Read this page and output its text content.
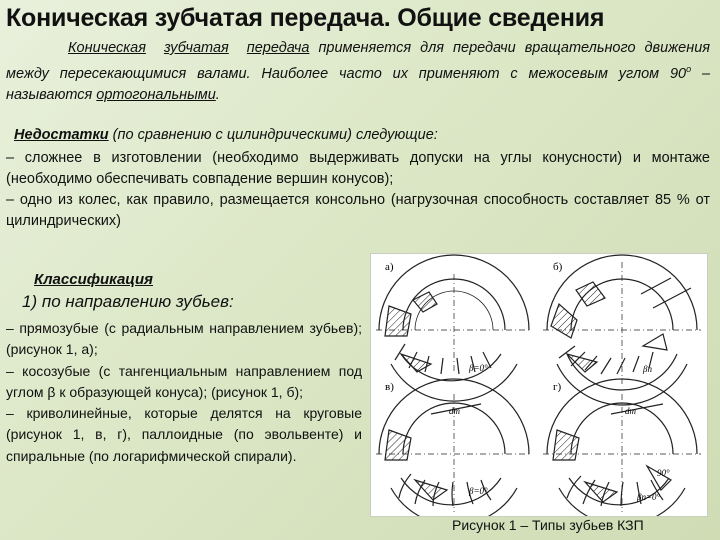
Коническая зубчатая передача. Общие сведения
Коническая зубчатая передача применяется для передачи вращательного движения между пересекающимися валами. Наиболее часто их применяют с межосевым углом $90^о$ – называются ортогональными.
Недостатки (по сравнению с цилиндрическими) следующие:

– сложнее в изготовлении (необходимо выдерживать допуски на углы конусности) и монтаже (необходимо обеспечивать совпадение вершин конусов);

– одно из колес, как правило, размещается консольно (нагрузочная способность составляет 85 % от цилиндрических)

Классификация
1) по направлению зубьев:

– прямозубые (с радиальным направлением зубьев); (рисунок 1, а);

– косозубые (с тангенциальным направлением под углом β к образующей конуса); (рисунок 1, б);

– криволинейные, которые делятся на круговые (рисунок 1, в, г), паллоидные (по эвольвенте) и спиральные (по логарифмической спирали).

а)
β=0°
б)
βп
в)
dm
β=0°
г)
dm
90°
βn=0°
Рисунок 1 – Типы зубьев КЗП
